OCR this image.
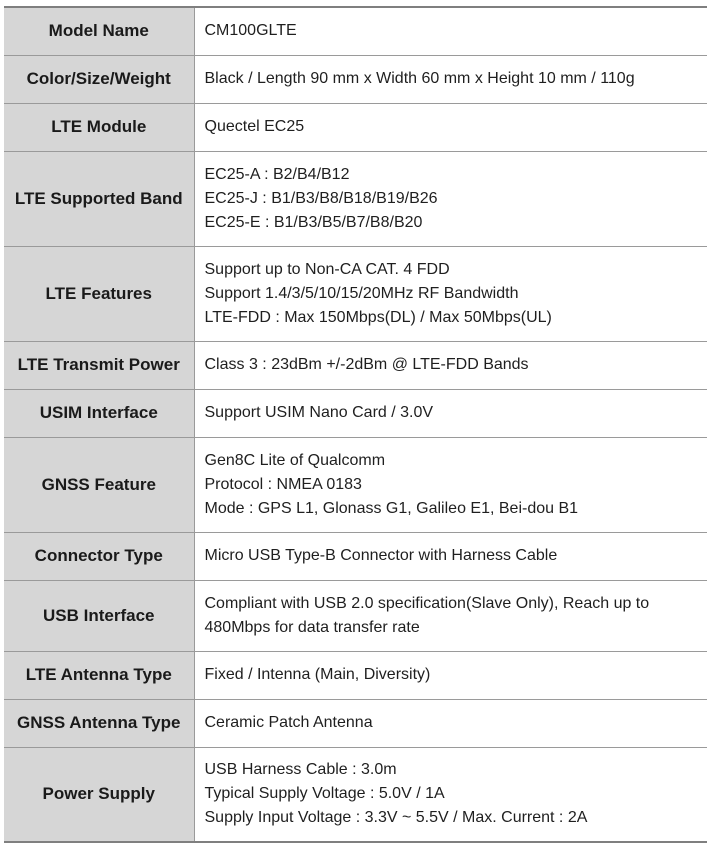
Model Name	CM100GLTE

Color/Size/Weight	Black / Length 90 mm x Width 60 mm x Height 10 mm / 110g

LTE Module	Quectel EC25

LTE Supported Band	EC25-A : B2/B4/B12
EC25-J : B1/B3/B8/B18/B19/B26
EC25-E : B1/B3/B5/B7/B8/B20

LTE Features	Support up to Non-CA CAT. 4 FDD
Support 1.4/3/5/10/15/20MHz RF Bandwidth
LTE-FDD : Max 150Mbps(DL) / Max 50Mbps(UL)

LTE Transmit Power	Class 3 : 23dBm +/-2dBm @ LTE-FDD Bands

USIM Interface	Support USIM Nano Card / 3.0V

GNSS Feature	Gen8C Lite of Qualcomm
Protocol : NMEA 0183
Mode : GPS L1, Glonass G1, Galileo E1, Bei-dou B1

Connector Type	Micro USB Type-B Connector with Harness Cable

USB Interface	Compliant with USB 2.0 specification(Slave Only), Reach up to
480Mbps for data transfer rate

LTE Antenna Type	Fixed / Intenna (Main, Diversity)

GNSS Antenna Type	Ceramic Patch Antenna

Power Supply	USB Harness Cable : 3.0m
Typical Supply Voltage : 5.0V / 1A
Supply Input Voltage : 3.3V ~ 5.5V / Max. Current : 2A
